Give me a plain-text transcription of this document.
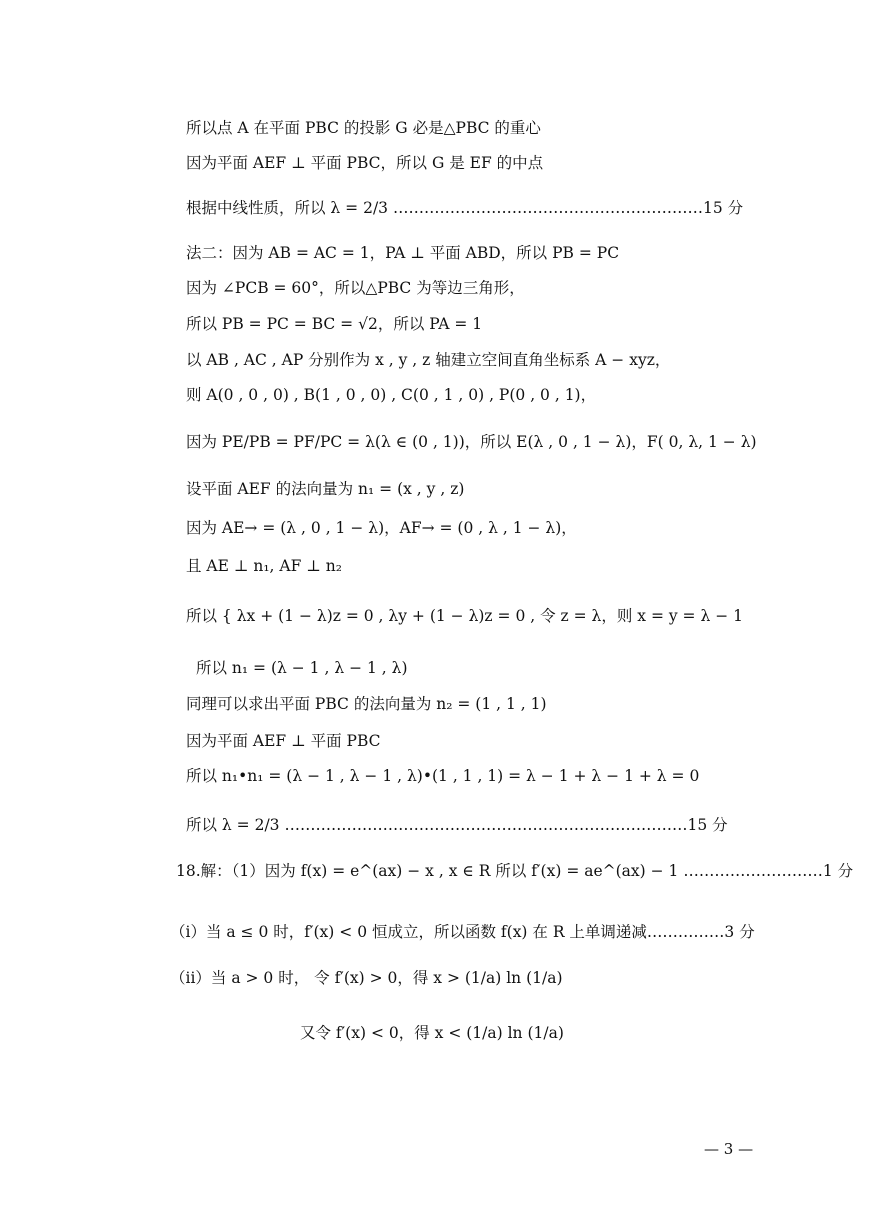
所以点 A 在平面 PBC 的投影 G 必是△PBC 的重心
因为平面 AEF ⊥ 平面 PBC，所以 G 是 EF 的中点
根据中线性质，所以 λ = 2/3 ……………………………………………………15 分
法二：因为 AB = AC = 1，PA ⊥ 平面 ABD，所以 PB = PC
因为 ∠PCB = 60°，所以△PBC 为等边三角形，
所以 PB = PC = BC = √2，所以 PA = 1
以 AB , AC , AP 分别作为 x , y , z 轴建立空间直角坐标系 A − xyz，
则 A(0 , 0 , 0) , B(1 , 0 , 0) , C(0 , 1 , 0) , P(0 , 0 , 1)，
因为 PE/PB = PF/PC = λ(λ ∈ (0 , 1))，所以 E(λ , 0 , 1 − λ)，F( 0, λ, 1 − λ)
设平面 AEF 的法向量为 n₁ = (x , y , z)
因为 AE→ = (λ , 0 , 1 − λ)，AF→ = (0 , λ , 1 − λ)，
且 AE ⊥ n₁, AF ⊥ n₂
所以 { λx + (1 − λ)z = 0 , λy + (1 − λ)z = 0 , 令 z = λ，则 x = y = λ − 1
所以 n₁ = (λ − 1 , λ − 1 , λ)
同理可以求出平面 PBC 的法向量为 n₂ = (1 , 1 , 1)
因为平面 AEF ⊥ 平面 PBC
所以 n₁•n₁ = (λ − 1 , λ − 1 , λ)•(1 , 1 , 1) = λ − 1 + λ − 1 + λ = 0
所以 λ = 2/3 ……………………………………………………………………15 分
18.解：（1）因为 f(x) = e^(ax) − x , x ∈ R 所以 f′(x) = ae^(ax) − 1 ………………………1 分
（i）当 a ≤ 0 时，f′(x) < 0 恒成立，所以函数 f(x) 在 R 上单调递减……………3 分
（ii）当 a > 0 时， 令 f′(x) > 0，得 x > (1/a) ln (1/a)
又令 f′(x) < 0，得 x < (1/a) ln (1/a)
— 3 —
